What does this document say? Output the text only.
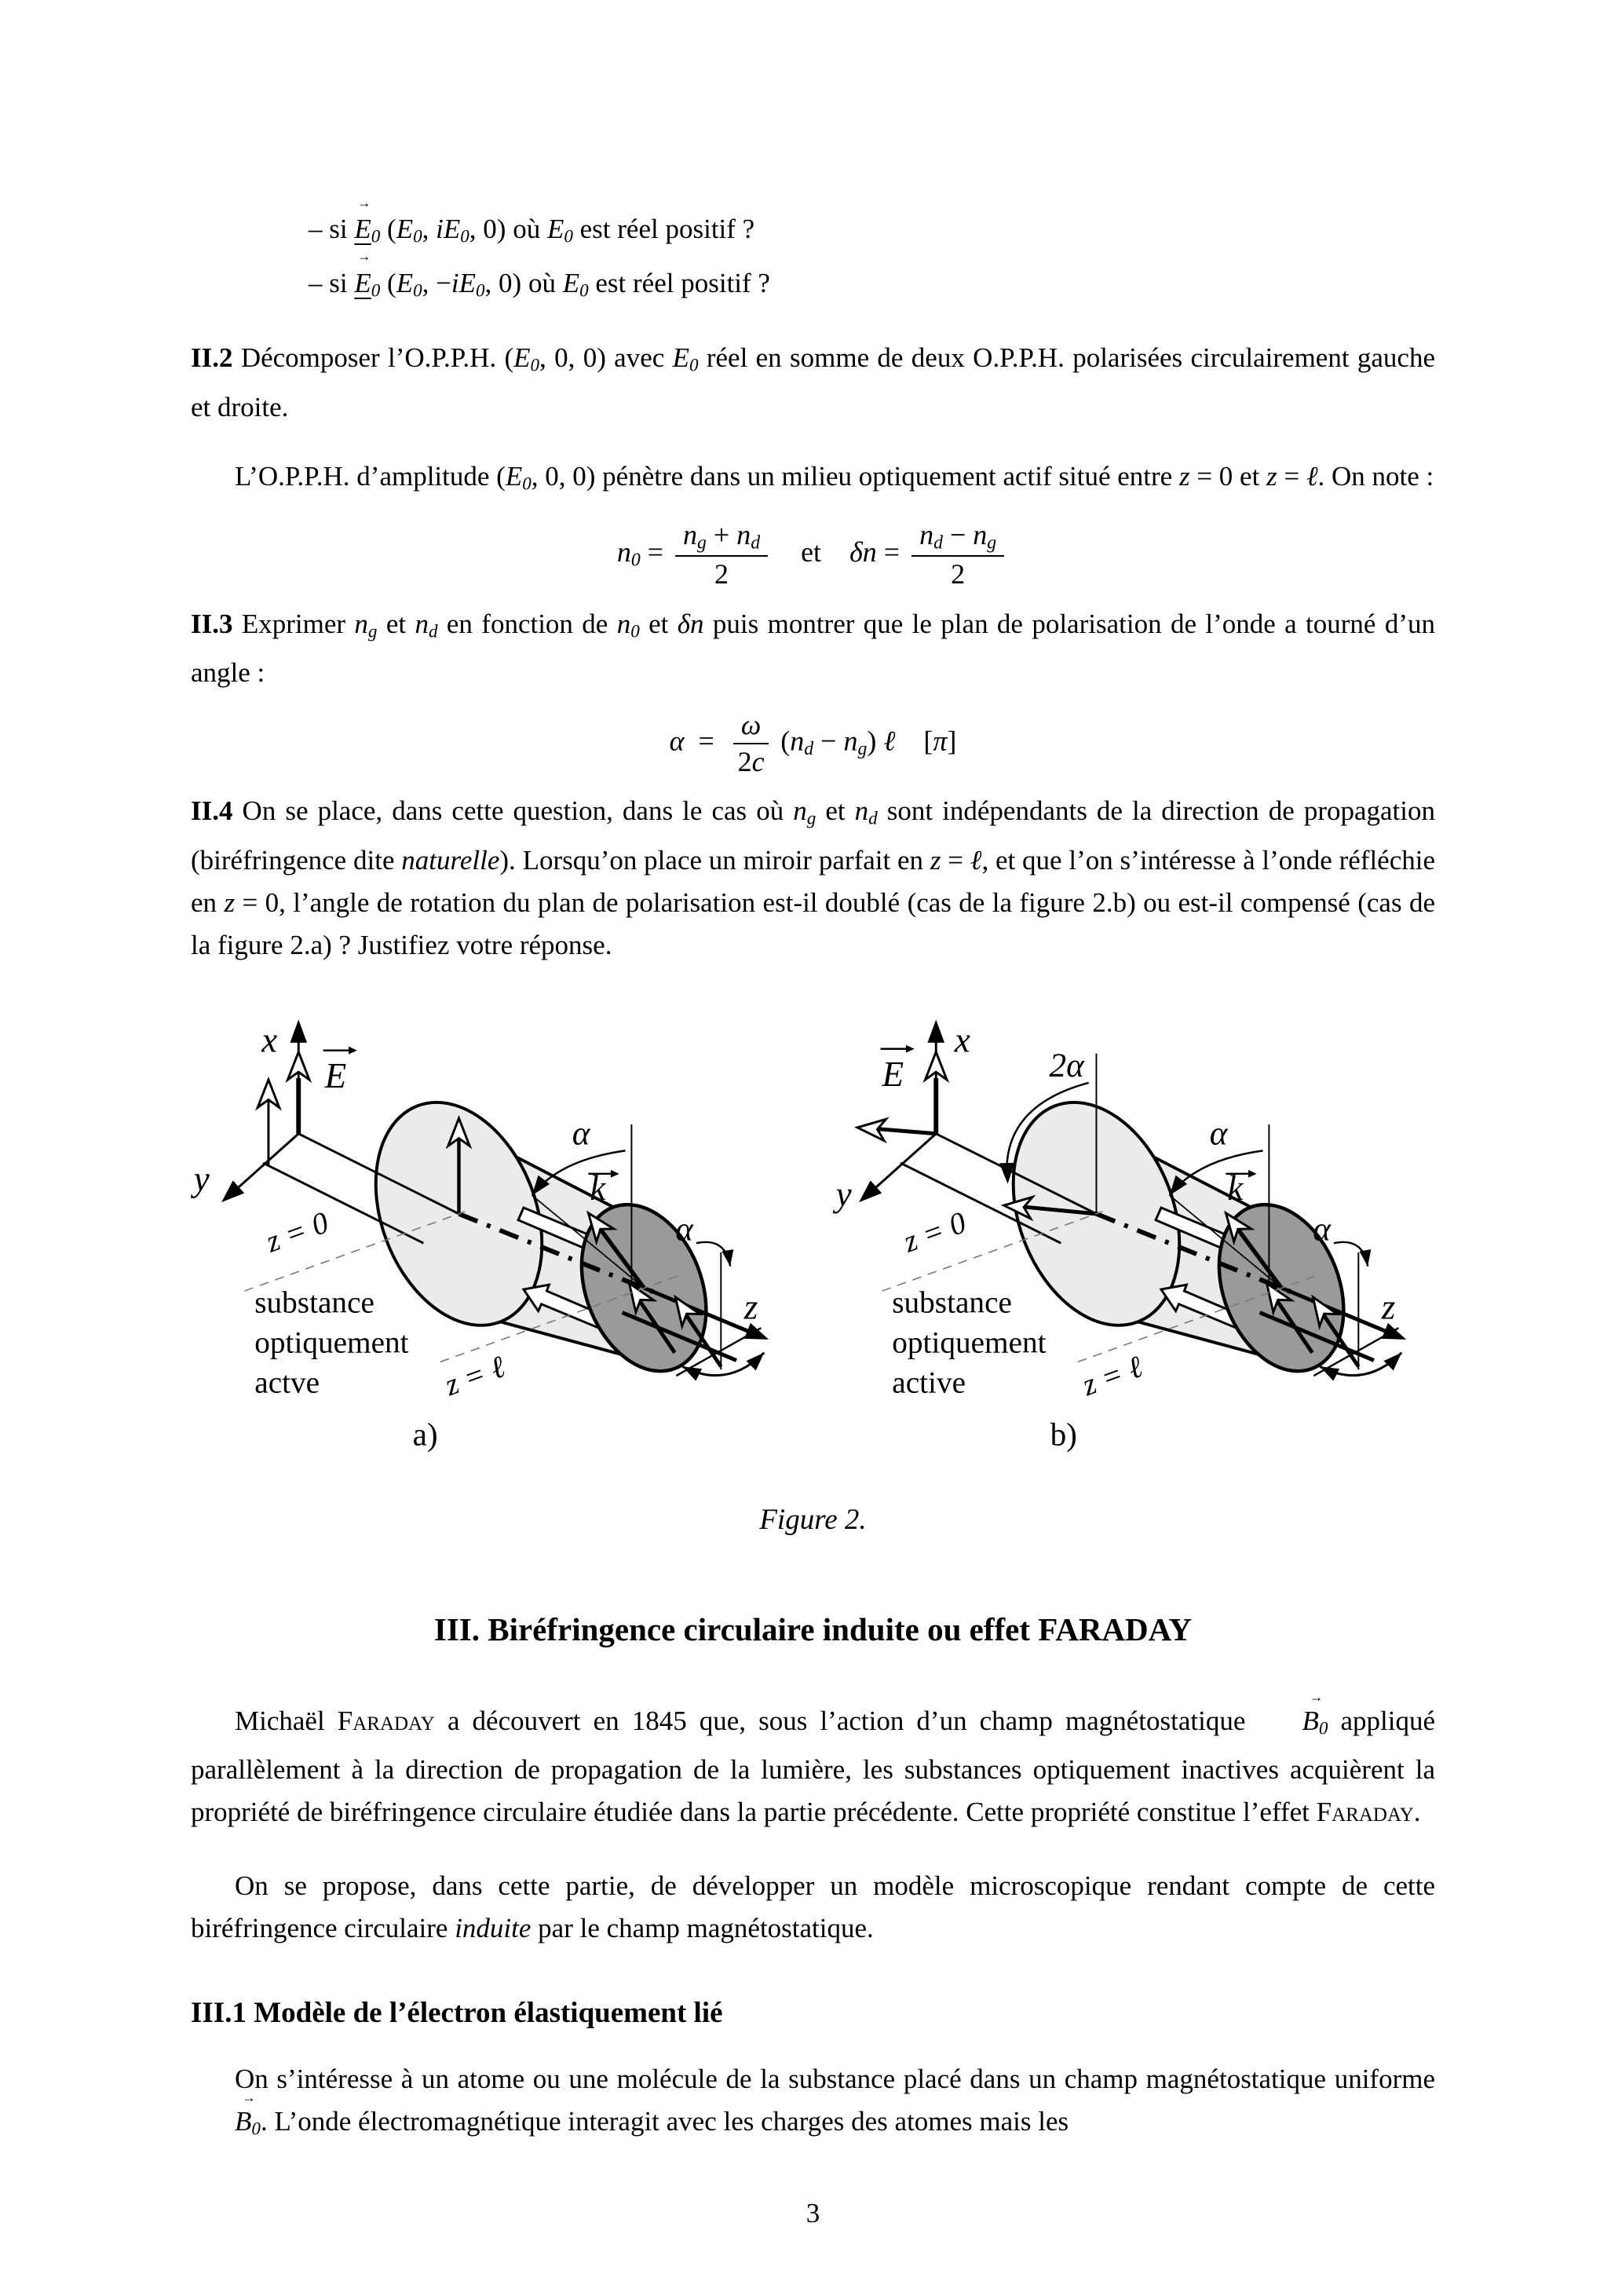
– si E →0 (E0, iE0, 0) où E0 est réel positif ?

– si E →0 (E0, −iE0, 0) où E0 est réel positif ?

II.2 Décomposer l’O.P.P.H. (E0, 0, 0) avec E0 réel en somme de deux O.P.P.H. polarisées circulairement gauche et droite.

L’O.P.P.H. d’amplitude (E0, 0, 0) pénètre dans un milieu optiquement actif situé entre z = 0 et z = ℓ. On note :

$n0 = \frac{ng + nd}{2}$  et $\delta n = \frac{nd - ng}{2}$

II.3 Exprimer ng et nd en fonction de n0 et δn puis montrer que le plan de polarisation de l’onde a tourné d’un angle :

α =  $\frac{\omega}{2c} (nd - ng)$ ℓ  [π]

II.4 On se place, dans cette question, dans le cas où ng et nd sont indépendants de la direction de propagation (biréfringence dite naturelle). Lorsqu’on place un miroir parfait en z = ℓ, et que l’on s’intéresse à l’onde réfléchie en z = 0, l’angle de rotation du plan de polarisation est-il doublé (cas de la figure 2.b) ou est-il compensé (cas de la figure 2.a) ? Justifiez votre réponse.

x
y
E
k
α
z
α
z = 0
z = ℓ
substance
optiquement
actve
a)
x
y
E	2α
k
α
z
α
z = 0
z = ℓ
substance
optiquement
active
b)
Figure 2.
III. Biréfringence circulaire induite ou effet FARADAY

Michaël Faraday a découvert en 1845 que, sous l’action d’un champ magnétostatique B →0 appliqué parallèlement à la direction de propagation de la lumière, les substances optiquement inactives acquièrent la propriété de biréfringence circulaire étudiée dans la partie précédente. Cette propriété constitue l’effet Faraday.

On se propose, dans cette partie, de développer un modèle microscopique rendant compte de cette biréfringence circulaire induite par le champ magnétostatique.

III.1 Modèle de l’électron élastiquement lié

On s’intéresse à un atome ou une molécule de la substance placé dans un champ magnétostatique uniforme B →0. L’onde électromagnétique interagit avec les charges des atomes mais les

3
